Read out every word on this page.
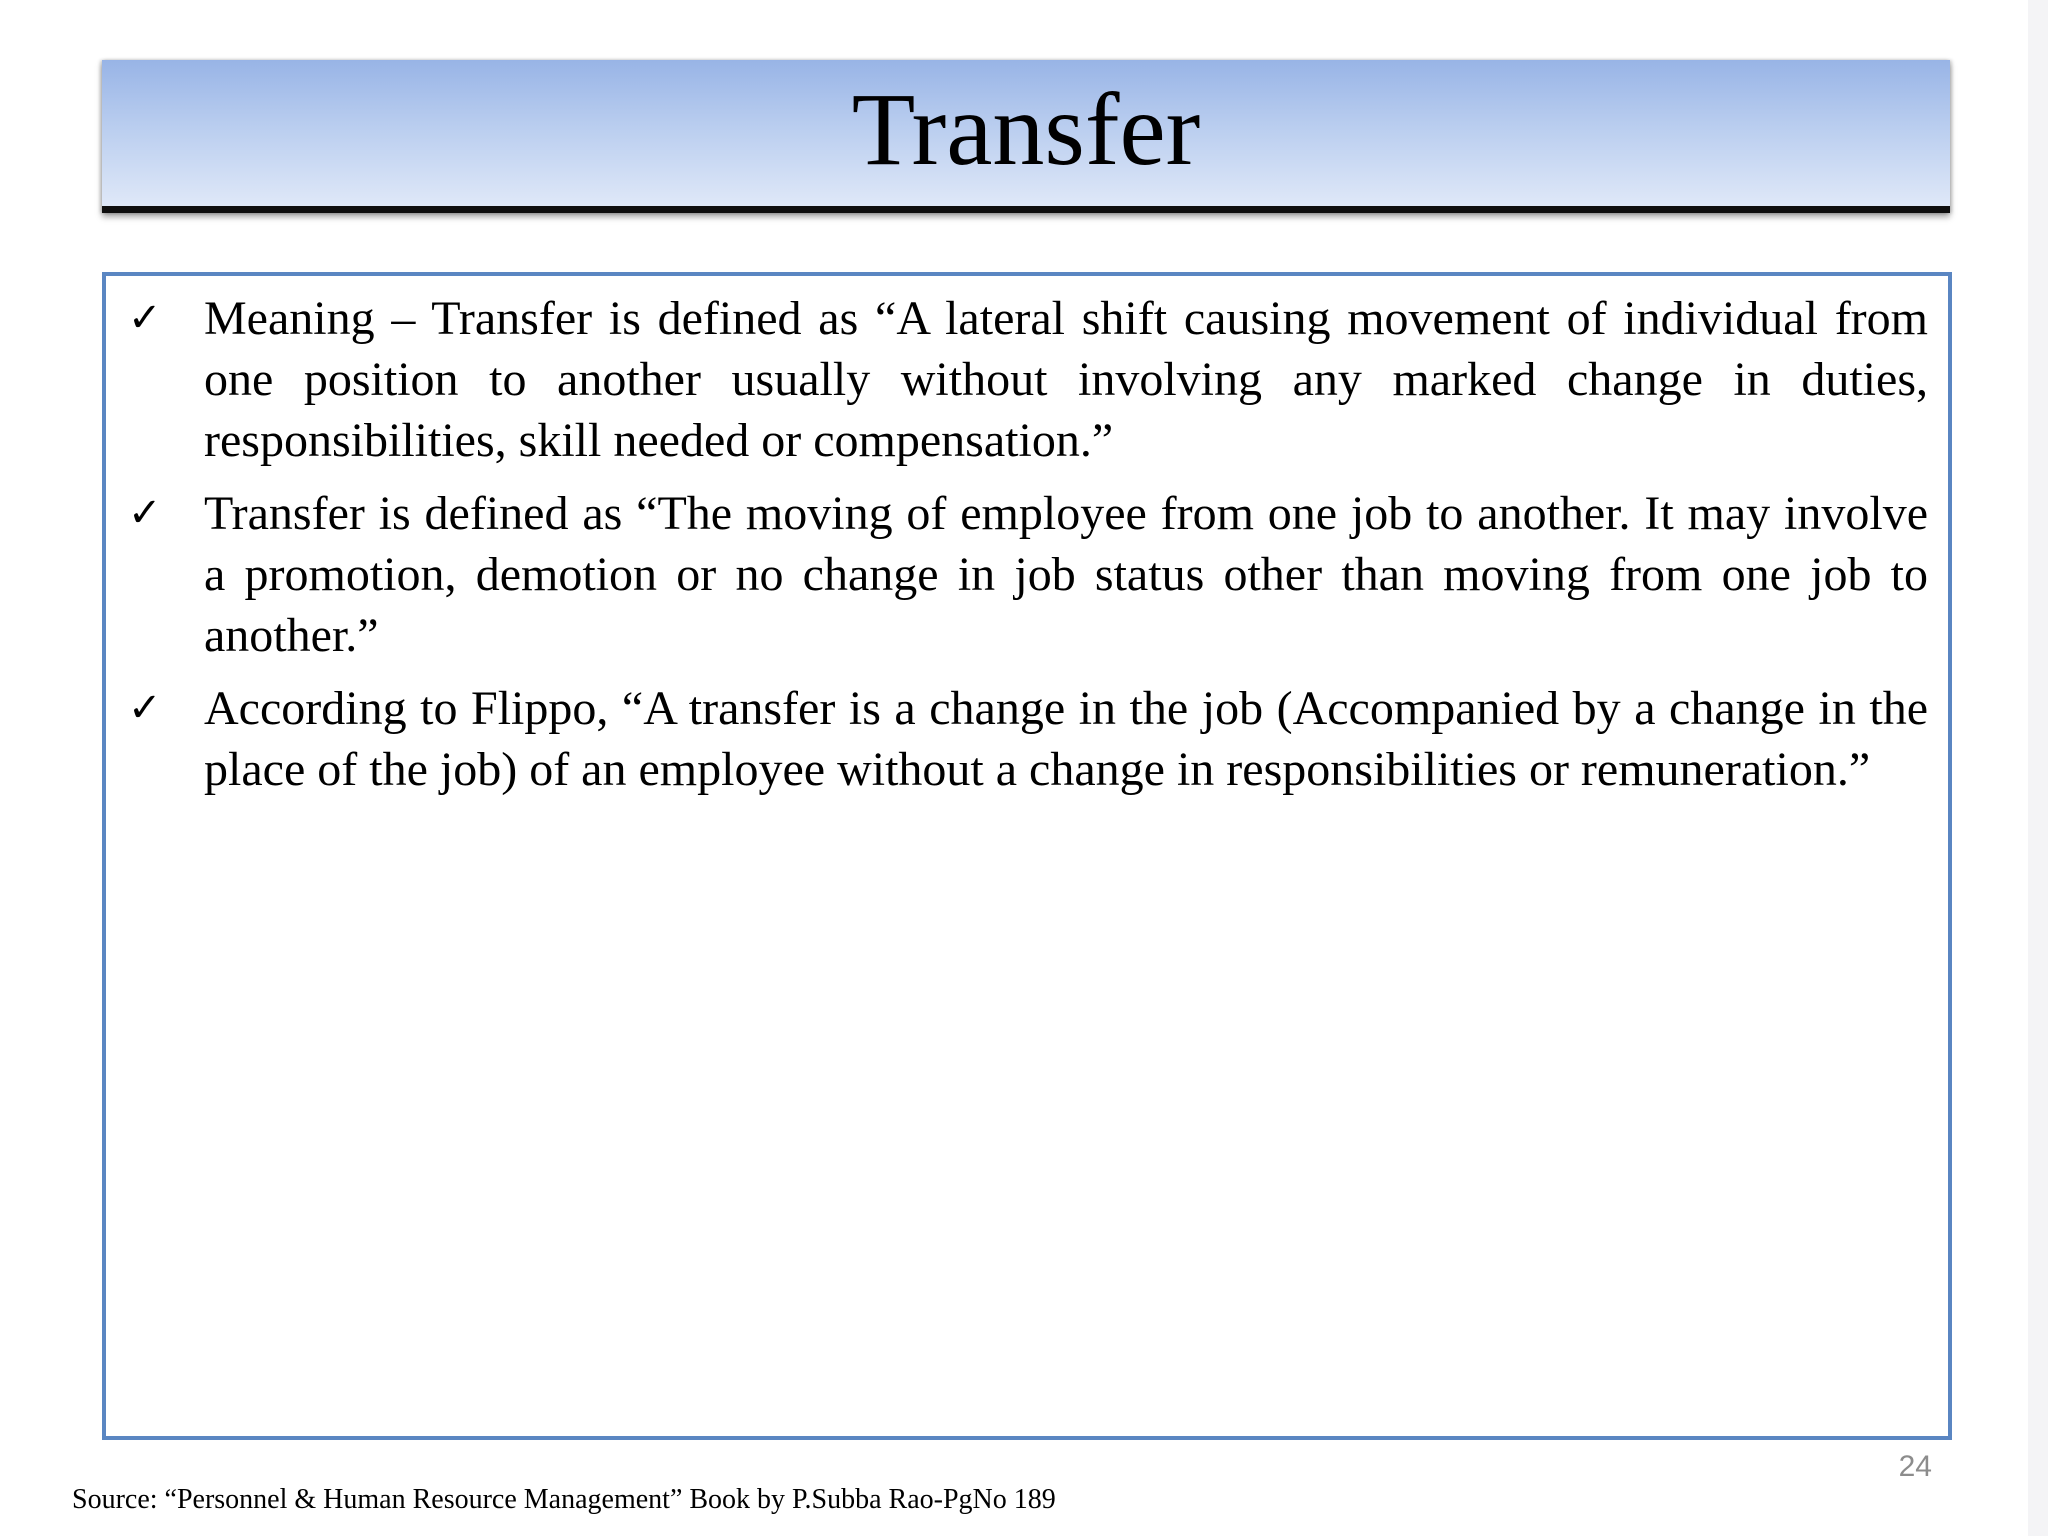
Transfer
✓ Meaning – Transfer is defined as “A lateral shift causing movement of individual from one position to another usually without involving any marked change in duties, responsibilities, skill needed or compensation.”
✓ Transfer is defined as “The moving of employee from one job to another. It may involve a promotion, demotion or no change in job status other than moving from one job to another.”
✓ According to Flippo, “A transfer is a change in the job (Accompanied by a change in the place of the job) of an employee without a change in responsibilities or remuneration.”
24
Source: “Personnel & Human Resource Management” Book by P.Subba Rao-PgNo 189
